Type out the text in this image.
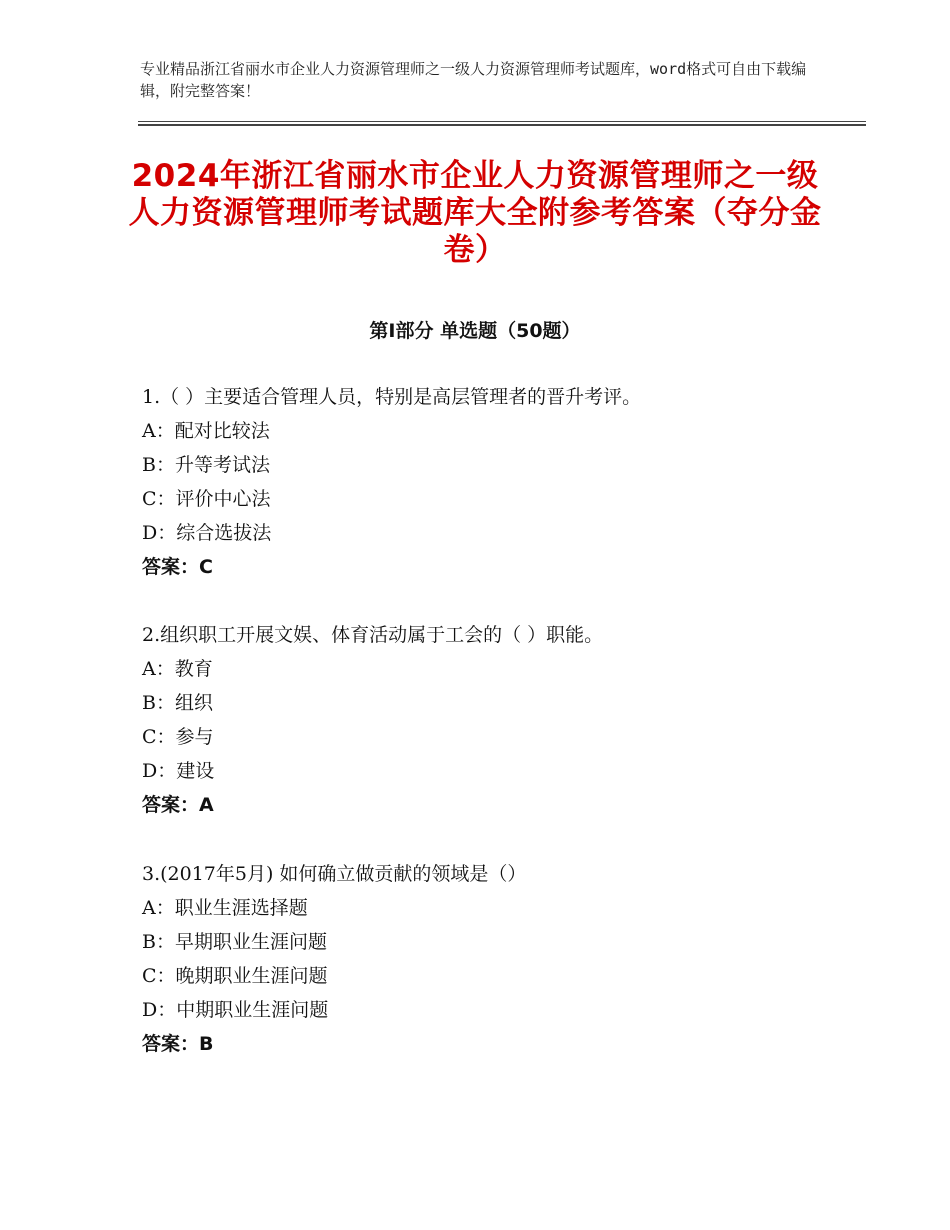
专业精品浙江省丽水市企业人力资源管理师之一级人力资源管理师考试题库，word格式可自由下载编辑，附完整答案！
2024年浙江省丽水市企业人力资源管理师之一级人力资源管理师考试题库大全附参考答案（夺分金卷）
第Ⅰ部分 单选题（50题）
1.（ ）主要适合管理人员，特别是高层管理者的晋升考评。
A：配对比较法
B：升等考试法
C：评价中心法
D：综合选拔法
答案：C
2.组织职工开展文娱、体育活动属于工会的（ ）职能。
A：教育
B：组织
C：参与
D：建设
答案：A
3.(2017年5月) 如何确立做贡献的领域是（）
A：职业生涯选择题
B：早期职业生涯问题
C：晚期职业生涯问题
D：中期职业生涯问题
答案：B
